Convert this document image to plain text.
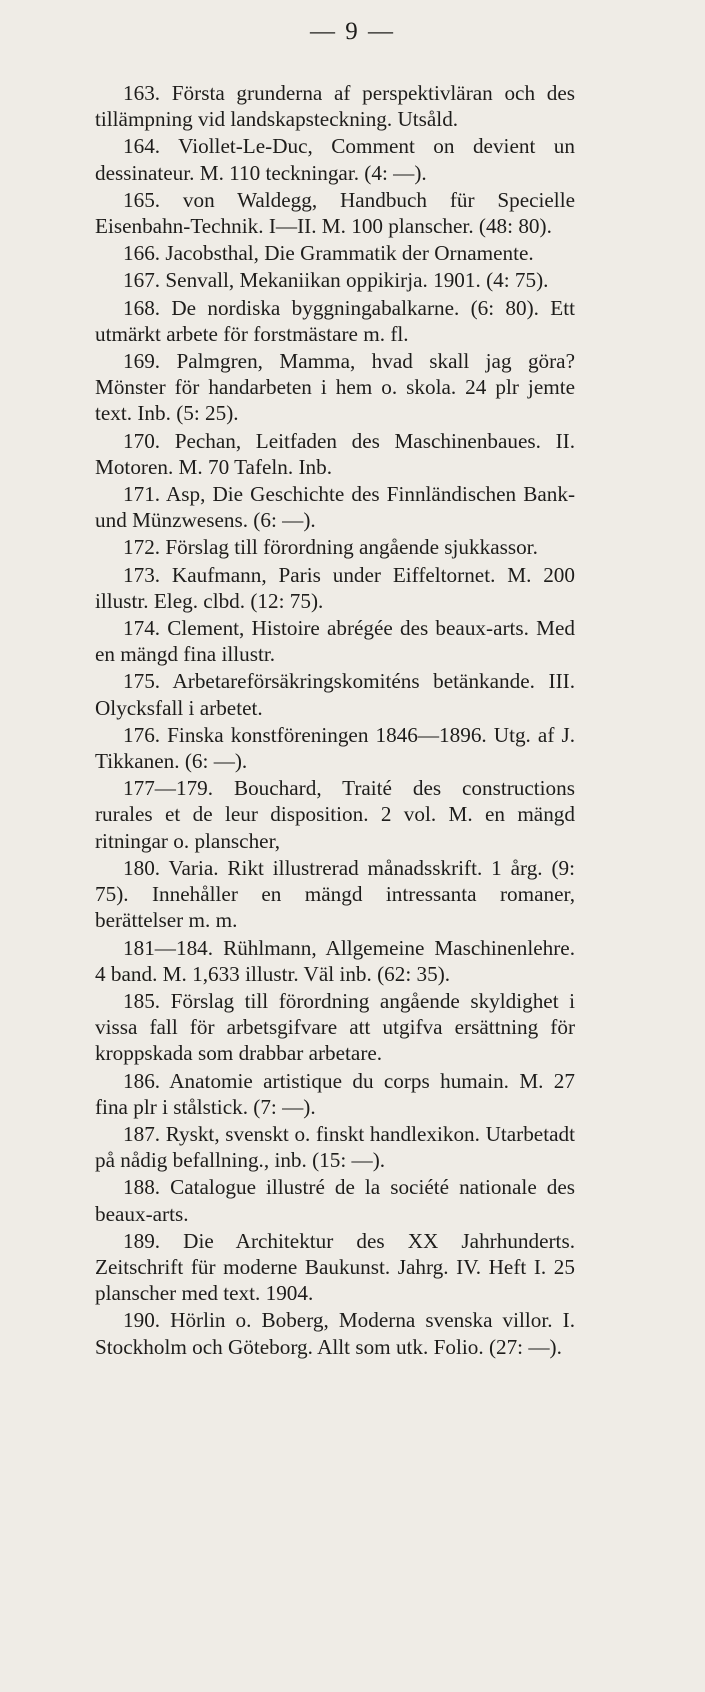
— 9 —

163. Första grunderna af perspektivläran och des tillämpning vid landskapsteckning. Utsåld.

164. Viollet-Le-Duc, Comment on devient un dessinateur. M. 110 teckningar. (4: —).

165. von Waldegg, Handbuch für Specielle Eisenbahn-Technik. I—II. M. 100 planscher. (48: 80).

166. Jacobsthal, Die Grammatik der Ornamente.

167. Senvall, Mekaniikan oppikirja. 1901. (4: 75).

168. De nordiska byggningabalkarne. (6: 80). Ett utmärkt arbete för forstmästare m. fl.

169. Palmgren, Mamma, hvad skall jag göra? Mönster för handarbeten i hem o. skola. 24 plr jemte text. Inb. (5: 25).

170. Pechan, Leitfaden des Maschinenbaues. II. Motoren. M. 70 Tafeln. Inb.

171. Asp, Die Geschichte des Finnländischen Bank- und Münzwesens. (6: —).

172. Förslag till förordning angående sjukkassor.

173. Kaufmann, Paris under Eiffeltornet. M. 200 illustr. Eleg. clbd. (12: 75).

174. Clement, Histoire abrégée des beaux-arts. Med en mängd fina illustr.

175. Arbetareförsäkringskomiténs betänkande. III. Olycksfall i arbetet.

176. Finska konstföreningen 1846—1896. Utg. af J. Tikkanen. (6: —).

177—179. Bouchard, Traité des constructions rurales et de leur disposition. 2 vol. M. en mängd ritningar o. planscher,

180. Varia. Rikt illustrerad månadsskrift. 1 årg. (9: 75). Innehåller en mängd intressanta romaner, berättelser m. m.

181—184. Rühlmann, Allgemeine Maschinenlehre. 4 band. M. 1,633 illustr. Väl inb. (62: 35).

185. Förslag till förordning angående skyldighet i vissa fall för arbetsgifvare att utgifva ersättning för kroppskada som drabbar arbetare.

186. Anatomie artistique du corps humain. M. 27 fina plr i stålstick. (7: —).

187. Ryskt, svenskt o. finskt handlexikon. Utarbetadt på nådig befallning., inb. (15: —).

188. Catalogue illustré de la société nationale des beaux-arts.

189. Die Architektur des XX Jahrhunderts. Zeitschrift für moderne Baukunst. Jahrg. IV. Heft I. 25 planscher med text. 1904.

190. Hörlin o. Boberg, Moderna svenska villor. I. Stockholm och Göteborg. Allt som utk. Folio. (27: —).
